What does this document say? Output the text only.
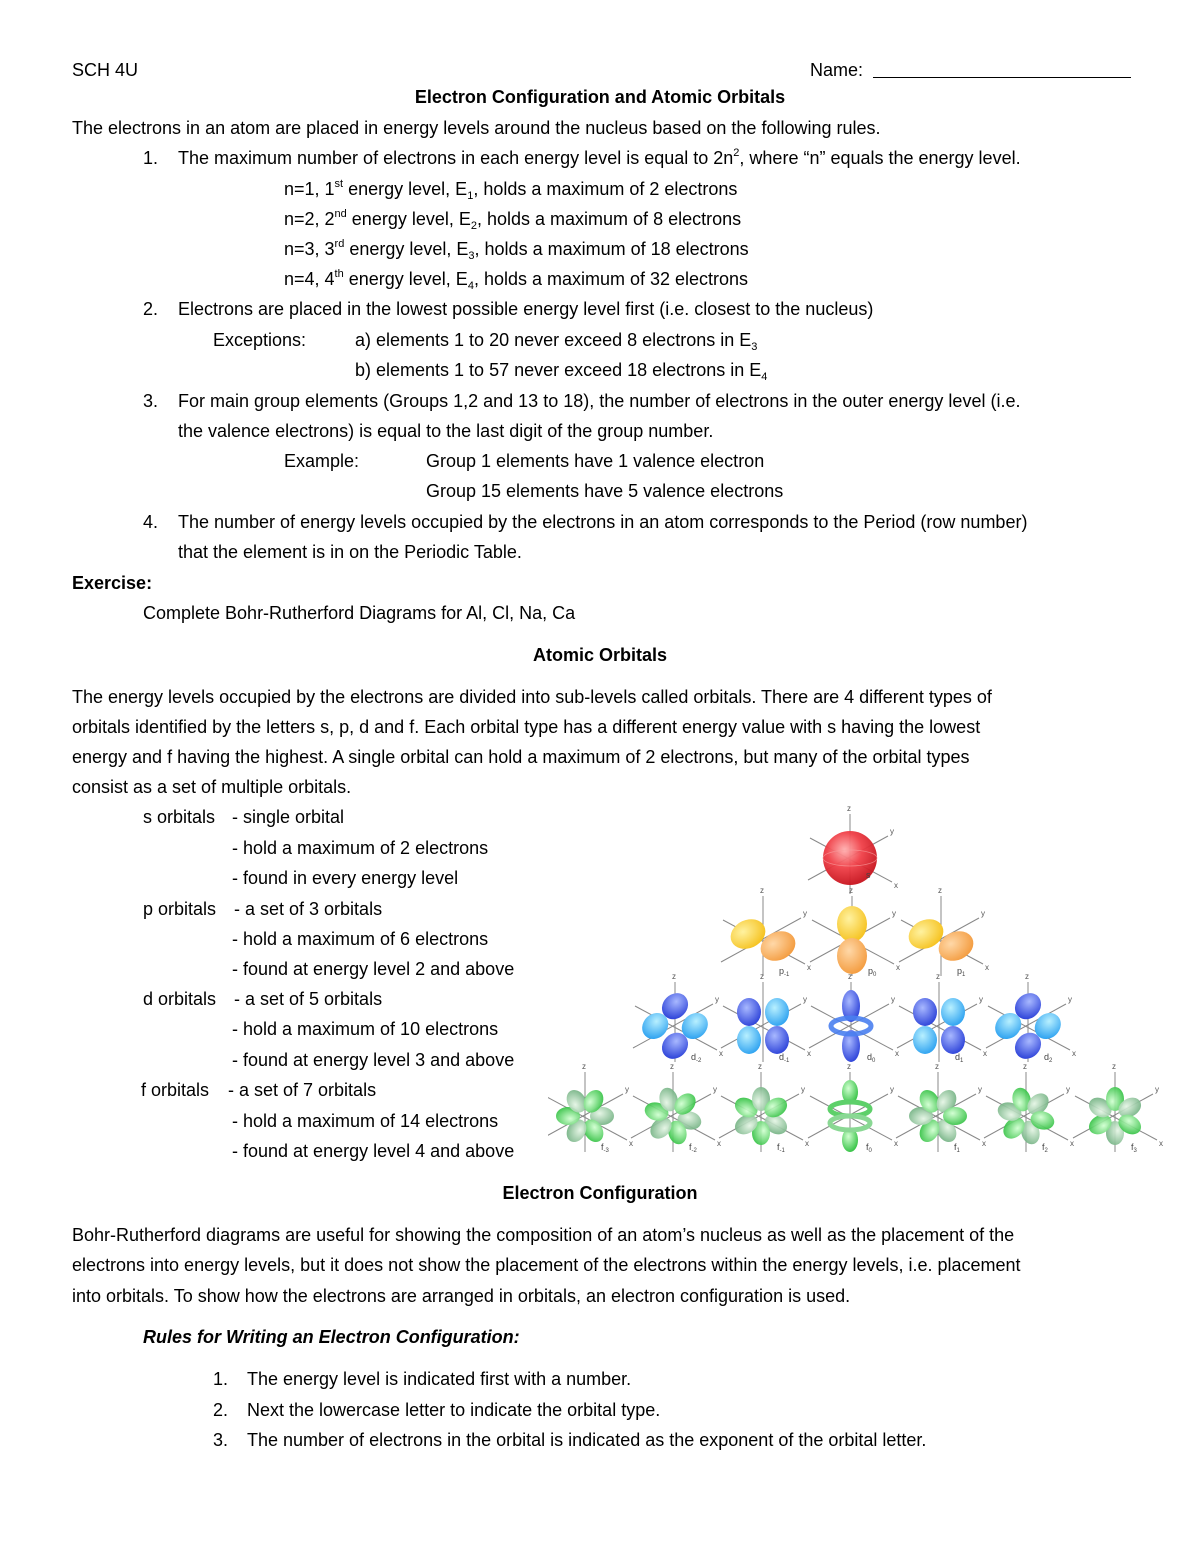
SCH 4U	Name:
Electron Configuration and Atomic Orbitals
The electrons in an atom are placed in energy levels around the nucleus based on the following rules.
1. The maximum number of electrons in each energy level is equal to $2n^2$, where “n” equals the energy level.
n=1, 1st energy level, $E_1$, holds a maximum of 2 electrons
n=2, 2nd energy level, $E_2$, holds a maximum of 8 electrons
n=3, 3rd energy level, $E_3$, holds a maximum of 18 electrons
n=4, 4th energy level, $E_4$, holds a maximum of 32 electrons
2. Electrons are placed in the lowest possible energy level first (i.e. closest to the nucleus)
Exceptions:	a) elements 1 to 20 never exceed 8 electrons in $E_3$
b) elements 1 to 57 never exceed 18 electrons in $E_4$
3. For main group elements (Groups 1,2 and 13 to 18), the number of electrons in the outer energy level (i.e.
the valence electrons) is equal to the last digit of the group number.
Example:	Group 1 elements have 1 valence electron
Group 15 elements have 5 valence electrons
4. The number of energy levels occupied by the electrons in an atom corresponds to the Period (row number)
that the element is in on the Periodic Table.
Exercise:
Complete Bohr-Rutherford Diagrams for Al, Cl, Na, Ca
Atomic Orbitals
The energy levels occupied by the electrons are divided into sub-levels called orbitals. There are 4 different types of
orbitals identified by the letters s, p, d and f. Each orbital type has a different energy value with s having the lowest
energy and f having the highest. A single orbital can hold a maximum of 2 electrons, but many of the orbital types
consist as a set of multiple orbitals.
s orbitals - single orbital
- hold a maximum of 2 electrons
- found in every energy level
p orbitals - a set of 3 orbitals
- hold a maximum of 6 electrons
- found at energy level 2 and above
d orbitals - a set of 5 orbitals
- hold a maximum of 10 electrons
- found at energy level 3 and above
f orbitals - a set of 7 orbitals
- hold a maximum of 14 electrons
- found at energy level 4 and above
z
y
x
s
z
y
x
$p_{-1}$
z
y
x
$p_0$
z
y
x
$p_1$
z
y
x
$d_{-2}$
z
y
x
$d_{-1}$
z
y
x
$d_0$
z
y
x
$d_1$
z
y
x
$d_2$
z
y
x
$f_{-3}$
z
y
x
$f_{-2}$
z
y
x
$f_{-1}$
z
y
x
$f_0$
z
y
x
$f_1$
z
y
x
$f_2$
z
y
x
$f_3$
Electron Configuration
Bohr-Rutherford diagrams are useful for showing the composition of an atom’s nucleus as well as the placement of the
electrons into energy levels, but it does not show the placement of the electrons within the energy levels, i.e. placement
into orbitals. To show how the electrons are arranged in orbitals, an electron configuration is used.
Rules for Writing an Electron Configuration:
1. The energy level is indicated first with a number.
2. Next the lowercase letter to indicate the orbital type.
3. The number of electrons in the orbital is indicated as the exponent of the orbital letter.
